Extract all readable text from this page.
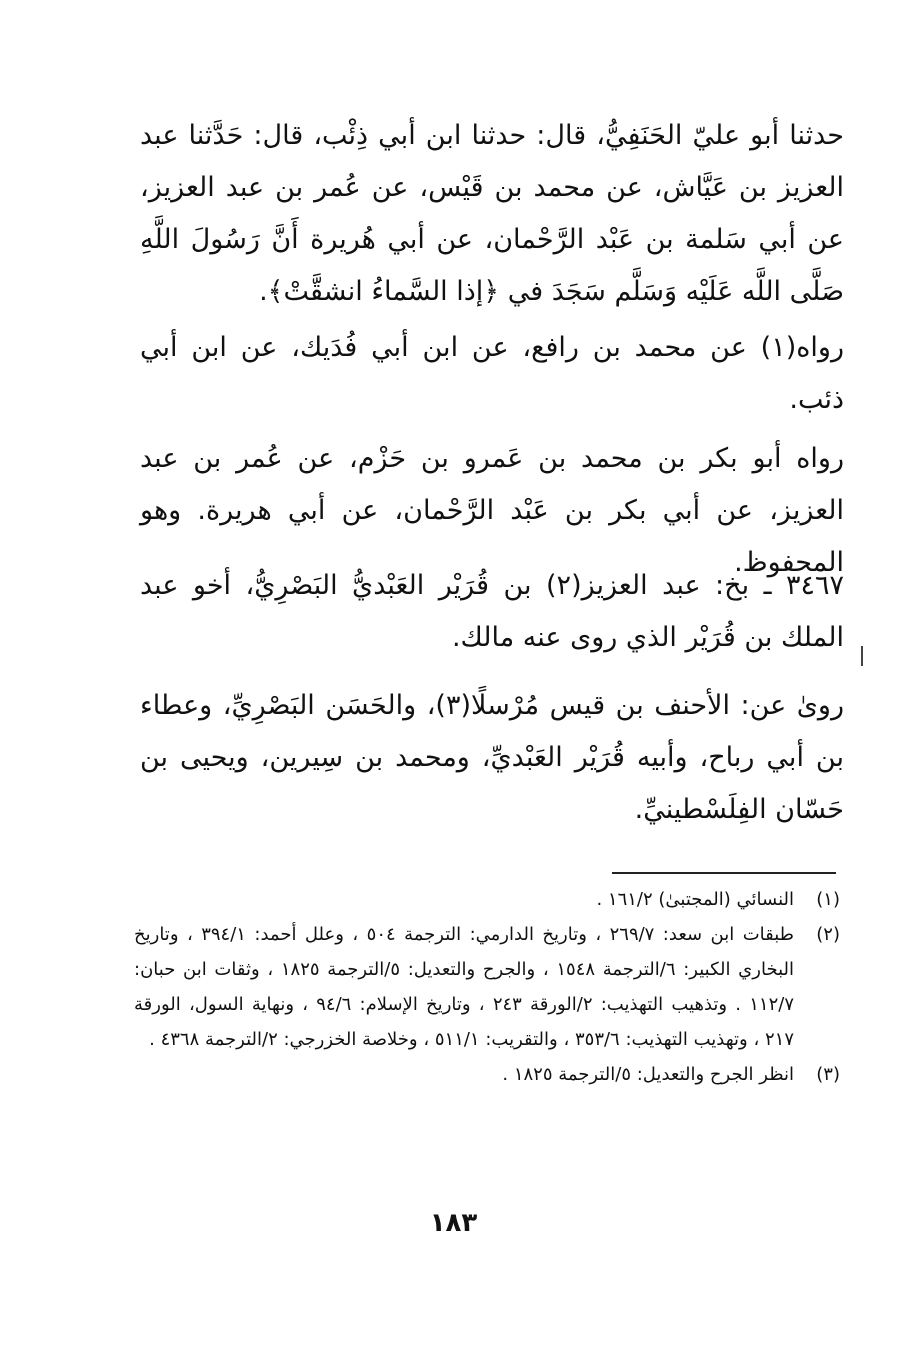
حدثنا أبو عليّ الحَنَفِيُّ، قال: حدثنا ابن أبي ذِئْب، قال: حَدَّثنا عبد العزيز بن عَيَّاش، عن محمد بن قَيْس، عن عُمر بن عبد العزيز، عن أبي سَلمة بن عَبْد الرَّحْمان، عن أبي هُريرة أَنَّ رَسُولَ اللَّهِ صَلَّى اللَّه عَلَيْه وَسَلَّم سَجَدَ في ﴿إذا السَّماءُ انشقَّتْ﴾.

رواه(١) عن محمد بن رافع، عن ابن أبي فُدَيك، عن ابن أبي ذئب.

رواه أبو بكر بن محمد بن عَمرو بن حَزْم، عن عُمر بن عبد العزيز، عن أبي بكر بن عَبْد الرَّحْمان، عن أبي هريرة. وهو المحفوظ.

٣٤٦٧ ـ بخ: عبد العزيز(٢) بن قُرَيْر العَبْديُّ البَصْرِيُّ، أخو عبد الملك بن قُرَيْر الذي روى عنه مالك.

روىٰ عن: الأحنف بن قيس مُرْسلًا(٣)، والحَسَن البَصْرِيِّ، وعطاء بن أبي رباح، وأبيه قُرَيْر العَبْديِّ، ومحمد بن سِيرين، ويحيى بن حَسّان الفِلَسْطينيِّ.

(١)
النسائي (المجتبىٰ) ١٦١/٢ .
(٢)
طبقات ابن سعد: ٢٦٩/٧ ، وتاريخ الدارمي: الترجمة ٥٠٤ ، وعلل أحمد: ٣٩٤/١ ، وتاريخ البخاري الكبير: ٦/الترجمة ١٥٤٨ ، والجرح والتعديل: ٥/الترجمة ١٨٢٥ ، وثقات ابن حبان: ١١٢/٧ . وتذهيب التهذيب: ٢/الورقة ٢٤٣ ، وتاريخ الإسلام: ٩٤/٦ ، ونهاية السول، الورقة ٢١٧ ، وتهذيب التهذيب: ٣٥٣/٦ ، والتقريب: ٥١١/١ ، وخلاصة الخزرجي: ٢/الترجمة ٤٣٦٨ .
(٣)
انظر الجرح والتعديل: ٥/الترجمة ١٨٢٥ .
١٨٣
